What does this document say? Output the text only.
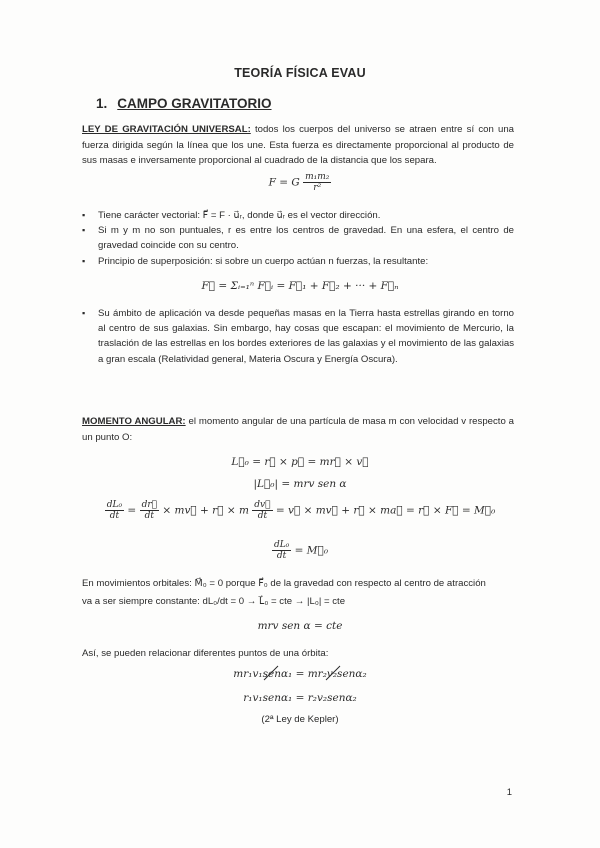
TEORÍA FÍSICA EVAU
1. CAMPO GRAVITATORIO
LEY DE GRAVITACIÓN UNIVERSAL: todos los cuerpos del universo se atraen entre sí con una fuerza dirigida según la línea que los une. Esta fuerza es directamente proporcional al producto de sus masas e inversamente proporcional al cuadrado de la distancia que los separa.
F = G $\frac{\text{m₁m₂}}{\text{r²}}$
▪ Tiene carácter vectorial: F⃗ = F · u⃗ᵣ, donde u⃗ᵣ es el vector dirección.
▪ Si m y m no son puntuales, r es entre los centros de gravedad. En una esfera, el centro de gravedad coincide con su centro.
▪ Principio de superposición: si sobre un cuerpo actúan n fuerzas, la resultante:
F⃗ = Σᵢ₌₁ⁿ F⃗ᵢ = F⃗₁ + F⃗₂ + ··· + F⃗ₙ
▪ Su ámbito de aplicación va desde pequeñas masas en la Tierra hasta estrellas girando en torno al centro de sus galaxias. Sin embargo, hay cosas que escapan: el movimiento de Mercurio, la traslación de las estrellas en los bordes exteriores de las galaxias y el movimiento de las galaxias a gran escala (Relatividad general, Materia Oscura y Energía Oscura).
MOMENTO ANGULAR: el momento angular de una partícula de masa m con velocidad v respecto a un punto O:
L⃗₀ = r⃗ × p⃗ = mr⃗ × v⃗
|L⃗₀| = mrv sen α
$\frac{\text{dL₀}}{dt} = \frac{dr⃗}{dt}$ × mv⃗ + r⃗ × m $\frac{dv⃗}{dt}$ = v⃗ × mv⃗ + r⃗ × ma⃗ = r⃗ × F⃗ = M⃗₀
$\frac{\text{dL₀}}{dt}$ = M⃗₀
En movimientos orbitales: M⃗₀ = 0 porque F⃗₀ de la gravedad con respecto al centro de atracción
va a ser siempre constante: dL₀/dt = 0 → L⃗₀ = cte → |L₀| = cte
mrv sen α = cte
Así, se pueden relacionar diferentes puntos de una órbita:
mr₁v₁senα₁ = mr₂v₂senα₂
r₁v₁senα₁ = r₂v₂senα₂
(2ª Ley de Kepler)
1
